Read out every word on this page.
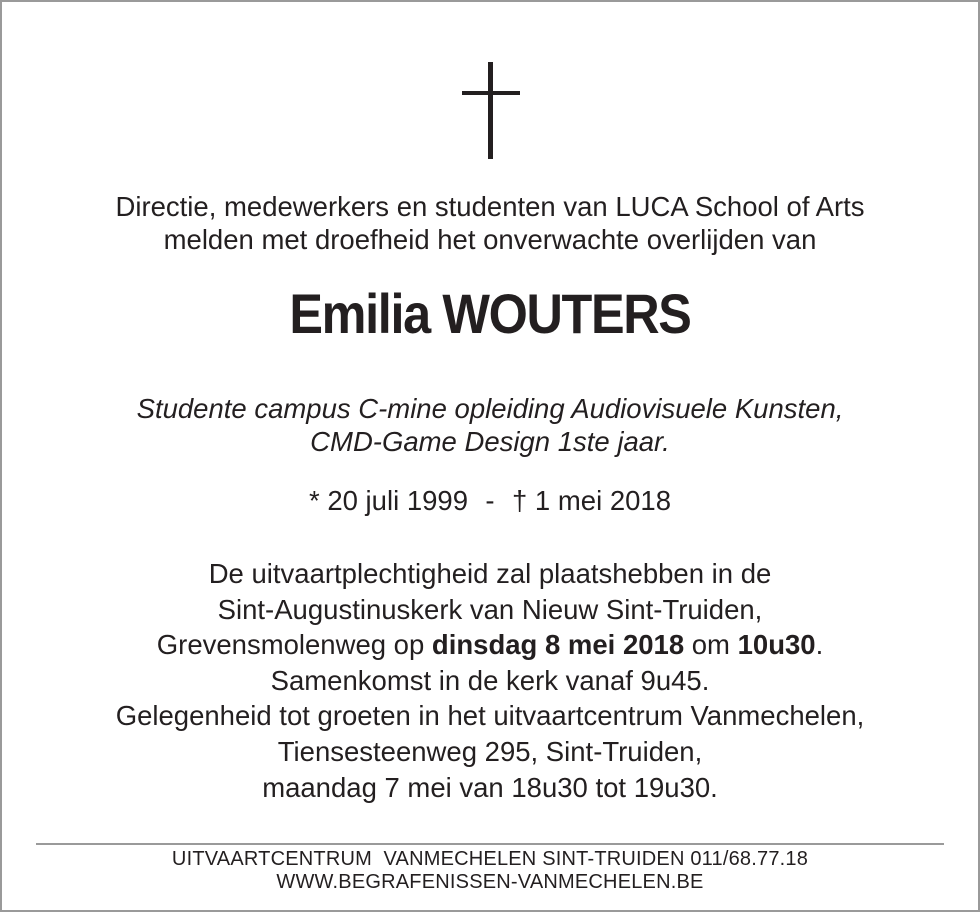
Directie, medewerkers en studenten van LUCA School of Arts
melden met droefheid het onverwachte overlijden van
Emilia WOUTERS
Studente campus C-mine opleiding Audiovisuele Kunsten,
CMD-Game Design 1ste jaar.
* 20 juli 1999 - † 1 mei 2018
De uitvaartplechtigheid zal plaatshebben in de
Sint-Augustinuskerk van Nieuw Sint-Truiden,
Grevensmolenweg op dinsdag 8 mei 2018 om 10u30.
Samenkomst in de kerk vanaf 9u45.
Gelegenheid tot groeten in het uitvaartcentrum Vanmechelen,
Tiensesteenweg 295, Sint-Truiden,
maandag 7 mei van 18u30 tot 19u30.
UITVAARTCENTRUM  VANMECHELEN SINT-TRUIDEN 011/68.77.18
WWW.BEGRAFENISSEN-VANMECHELEN.BE
